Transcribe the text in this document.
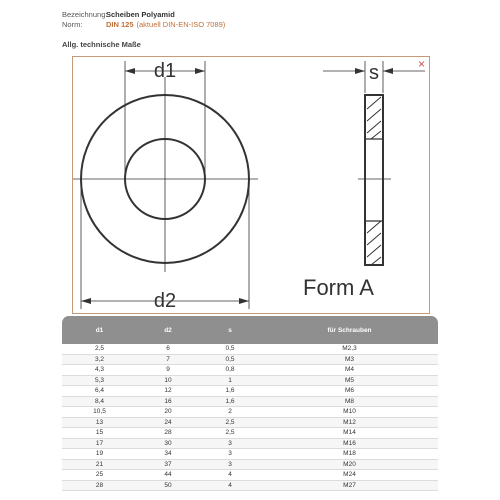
Bezeichnung:
Scheiben Polyamid
Norm:	DIN 125 (aktuell DIN-EN-ISO 7089)
Allg. technische Maße
×
d1
d2
s
Form A
d1	d2	s	für Schrauben
2,5	6	0,5	M2,3
3,2	7	0,5	M3
4,3	9	0,8	M4
5,3	10	1	M5
6,4	12	1,6	M6
8,4	16	1,6	M8
10,5	20	2	M10
13	24	2,5	M12
15	28	2,5	M14
17	30	3	M16
19	34	3	M18
21	37	3	M20
25	44	4	M24
28	50	4	M27
